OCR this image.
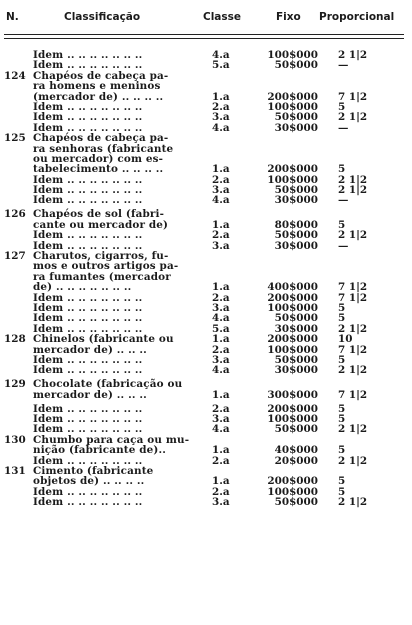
N.	Classificação	Classe	Fixo Proporcional
Idem .. .. .. .. .. .. ..	4.a	100$000 2 1|2
Idem .. .. .. .. .. .. ..	5.a	50$000 —
124 Chapéos de cabeça pa-
ra homens e meninos
(mercador de) .. .. .. ..	1.a	200$000 7 1|2
Idem .. .. .. .. .. .. ..	2.a	100$000 5
Idem .. .. .. .. .. .. ..	3.a	50$000 2 1|2
Idem .. .. .. .. .. .. ..	4.a	30$000 —
125 Chapéos de cabeça pa-
ra senhoras (fabricante
ou mercador) com es-
tabelecimento .. .. .. ..	1.a	200$000 5
Idem .. .. .. .. .. .. ..	2.a	100$000 2 1|2
Idem .. .. .. .. .. .. ..	3.a	50$000 2 1|2
Idem .. .. .. .. .. .. ..	4.a	30$000 —
126 Chapéos de sol (fabri-
cante ou mercador de)	1.a	80$000 5
Idem .. .. .. .. .. .. ..	2.a	50$000 2 1|2
Idem .. .. .. .. .. .. ..	3.a	30$000 —
127 Charutos, cigarros, fu-
mos e outros artigos pa-
ra fumantes (mercador
de) .. .. .. .. .. .. ..	1.a	400$000 7 1|2
Idem .. .. .. .. .. .. ..	2.a	200$000 7 1|2
Idem .. .. .. .. .. .. ..	3.a	100$000 5
Idem .. .. .. .. .. .. ..	4.a	50$000 5
Idem .. .. .. .. .. .. ..	5.a	30$000 2 1|2
128 Chinelos (fabricante ou	1.a	200$000 10
mercador de) .. .. ..	2.a	100$000 7 1|2
Idem .. .. .. .. .. .. ..	3.a	50$000 5
Idem .. .. .. .. .. .. ..	4.a	30$000 2 1|2
129 Chocolate (fabricação ou
mercador de) .. .. ..	1.a	300$000 7 1|2
Idem .. .. .. .. .. .. ..	2.a	200$000 5
Idem .. .. .. .. .. .. ..	3.a	100$000 5
Idem .. .. .. .. .. .. ..	4.a	50$000 2 1|2
130 Chumbo para caça ou mu-
nição (fabricante de)..	1.a	40$000 5
Idem .. .. .. .. .. .. ..	2.a	20$000 2 1|2
131 Cimento (fabricante
objetos de) .. .. .. ..	1.a	200$000 5
Idem .. .. .. .. .. .. ..	2.a	100$000 5
Idem .. .. .. .. .. .. ..	3.a	50$000 2 1|2
